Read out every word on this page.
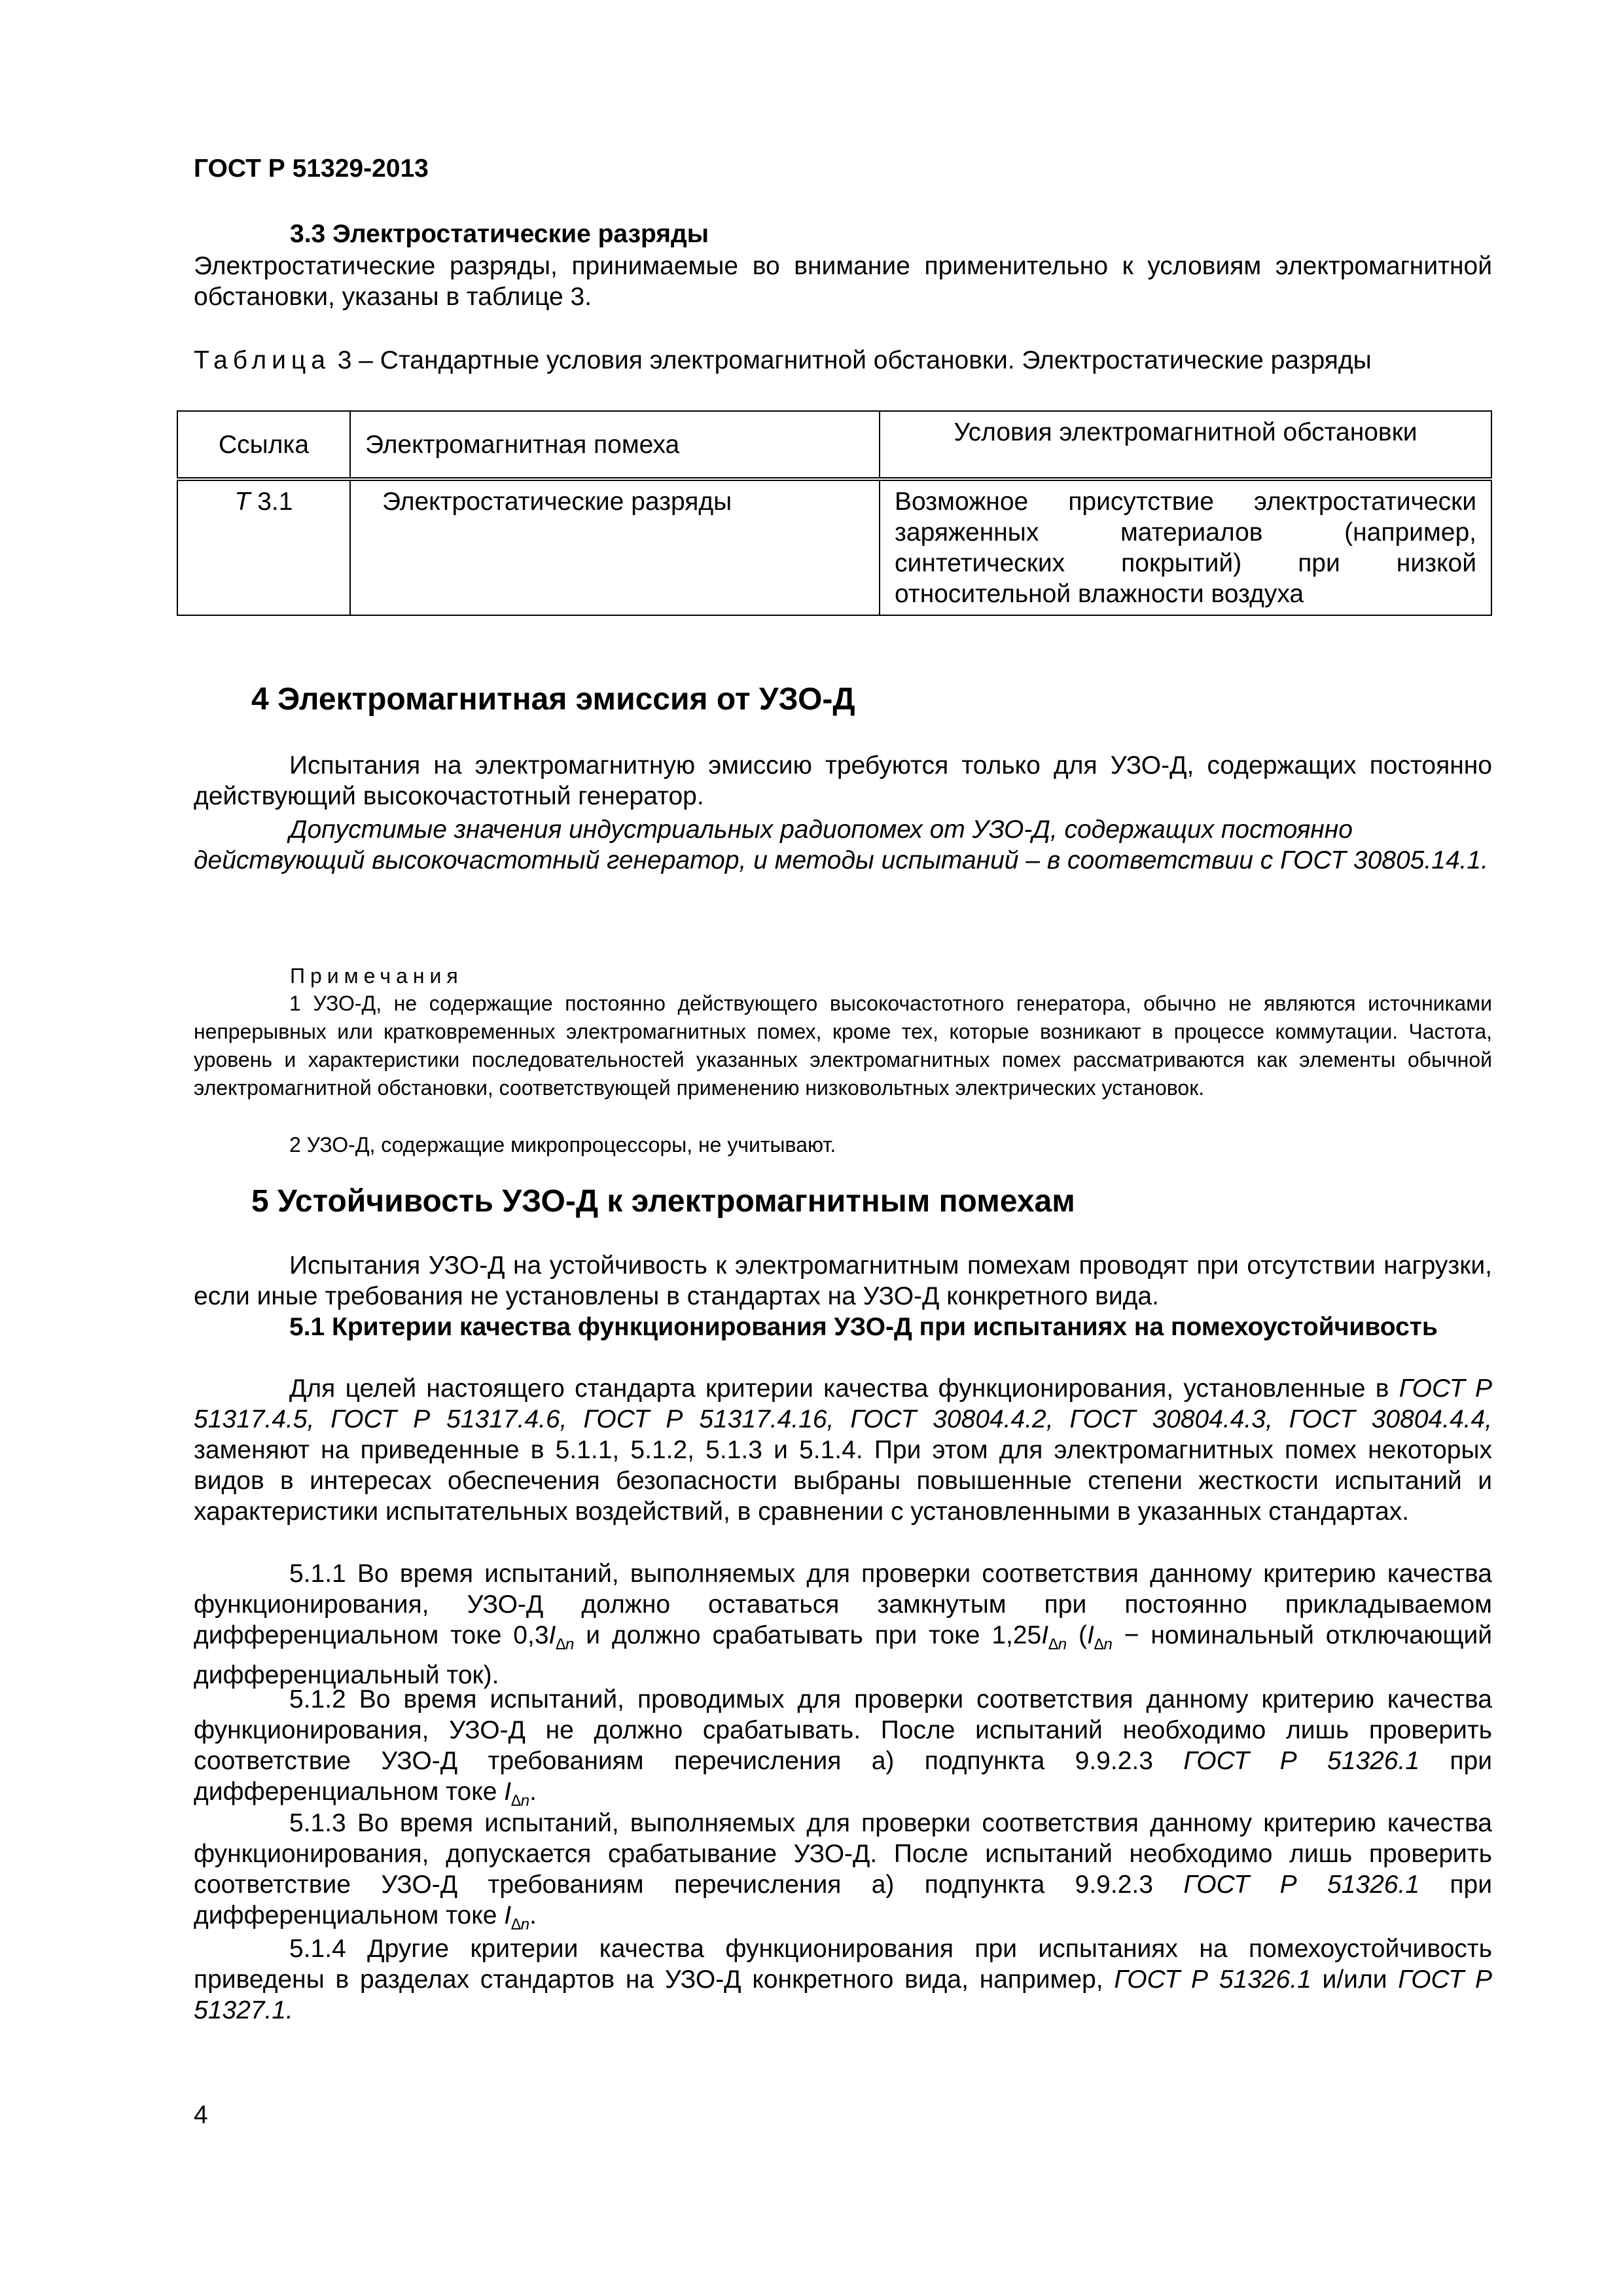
ГОСТ Р 51329-2013
3.3 Электростатические разряды
Электростатические разряды, принимаемые во внимание применительно к условиям электромагнитной обстановки, указаны в таблице 3.
Таблица 3 – Стандартные условия электромагнитной обстановки. Электростатические разряды
Ссылка	Электромагнитная помеха	Условия электромагнитной обстановки
Т 3.1	Электростатические разряды	Возможное присутствие электростатически заряженных материалов (например, синтетических покрытий) при низкой относительной влажности воздуха
4 Электромагнитная эмиссия от УЗО-Д
Испытания на электромагнитную эмиссию требуются только для УЗО-Д, содержащих постоянно действующий высокочастотный генератор.
Допустимые значения индустриальных радиопомех от УЗО-Д, содержащих постоянно действующий высокочастотный генератор, и методы испытаний – в соответствии с ГОСТ 30805.14.1.
Примечания
1 УЗО-Д, не содержащие постоянно действующего высокочастотного генератора, обычно не являются источниками непрерывных или кратковременных электромагнитных помех, кроме тех, которые возникают в процессе коммутации. Частота, уровень и характеристики последовательностей указанных электромагнитных помех рассматриваются как элементы обычной электромагнитной обстановки, соответствующей применению низковольтных электрических установок.
2 УЗО-Д, содержащие микропроцессоры, не учитывают.
5 Устойчивость УЗО-Д к электромагнитным помехам
Испытания УЗО-Д на устойчивость к электромагнитным помехам проводят при отсутствии нагрузки, если иные требования не установлены в стандартах на УЗО-Д конкретного вида.
5.1 Критерии качества функционирования УЗО-Д при испытаниях на помехоустойчивость
Для целей настоящего стандарта критерии качества функционирования, установленные в ГОСТ Р 51317.4.5, ГОСТ Р 51317.4.6, ГОСТ Р 51317.4.16, ГОСТ 30804.4.2, ГОСТ 30804.4.3, ГОСТ 30804.4.4, заменяют на приведенные в 5.1.1, 5.1.2, 5.1.3 и 5.1.4. При этом для электромагнитных помех некоторых видов в интересах обеспечения безопасности выбраны повышенные степени жесткости испытаний и характеристики испытательных воздействий, в сравнении с установленными в указанных стандартах.
5.1.1 Во время испытаний, выполняемых для проверки соответствия данному критерию качества функционирования, УЗО-Д должно оставаться замкнутым при постоянно прикладываемом дифференциальном токе $0,3I_{\Delta n}$ и должно срабатывать при токе $1,25I_{\Delta n}$ ($I_{\Delta n}$ − номинальный отключающий дифференциальный ток).
5.1.2 Во время испытаний, проводимых для проверки соответствия данному критерию качества функционирования, УЗО-Д не должно срабатывать. После испытаний необходимо лишь проверить соответствие УЗО-Д требованиям перечисления а) подпункта 9.9.2.3 ГОСТ Р 51326.1 при дифференциальном токе $I_{\Delta n}$.
5.1.3 Во время испытаний, выполняемых для проверки соответствия данному критерию качества функционирования, допускается срабатывание УЗО-Д. После испытаний необходимо лишь проверить соответствие УЗО-Д требованиям перечисления а) подпункта 9.9.2.3 ГОСТ Р 51326.1 при дифференциальном токе $I_{\Delta n}$.
5.1.4 Другие критерии качества функционирования при испытаниях на помехоустойчивость приведены в разделах стандартов на УЗО-Д конкретного вида, например, ГОСТ Р 51326.1 и/или ГОСТ Р 51327.1.
4
